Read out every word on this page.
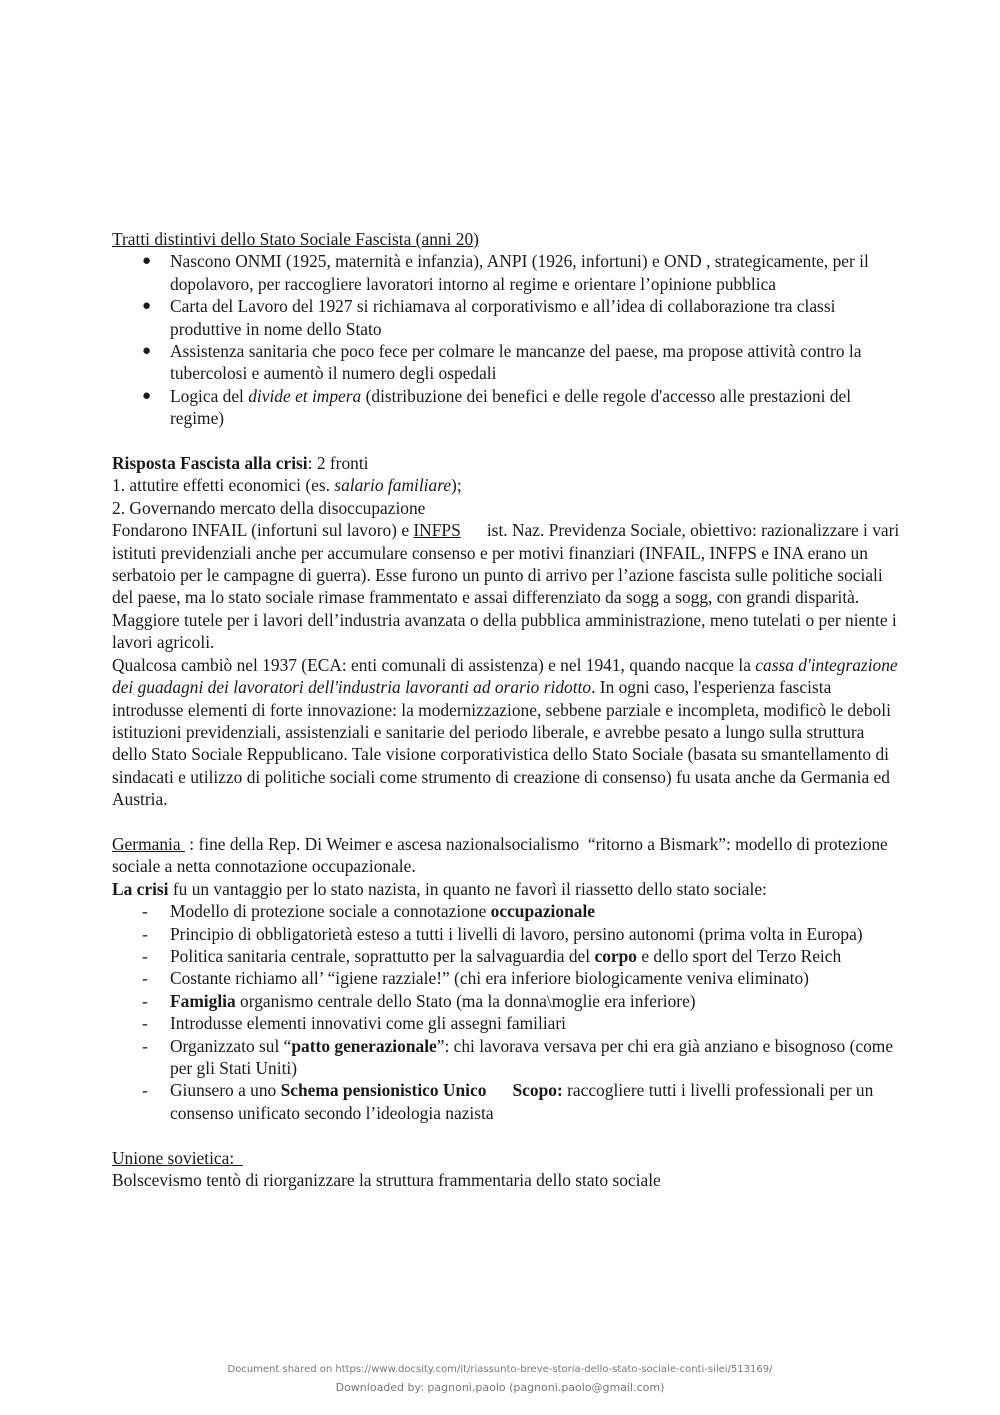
Tratti distintivi dello Stato Sociale Fascista (anni 20)

● Nascono ONMI (1925, maternità e infanzia), ANPI (1926, infortuni) e OND , strategicamente, per il dopolavoro, per raccogliere lavoratori intorno al regime e orientare l’opinione pubblica
● Carta del Lavoro del 1927 si richiamava al corporativismo e all’idea di collaborazione tra classi produttive in nome dello Stato
● Assistenza sanitaria che poco fece per colmare le mancanze del paese, ma propose attività contro la tubercolosi e aumentò il numero degli ospedali
● Logica del divide et impera (distribuzione dei benefici e delle regole d'accesso alle prestazioni del regime)

Risposta Fascista alla crisi: 2 fronti

1. attutire effetti economici (es. salario familiare);

2. Governando mercato della disoccupazione

Fondarono INFAIL (infortuni sul lavoro) e INFPS      ist. Naz. Previdenza Sociale, obiettivo: razionalizzare i vari istituti previdenziali anche per accumulare consenso e per motivi finanziari (INFAIL, INFPS e INA erano un serbatoio per le campagne di guerra). Esse furono un punto di arrivo per l’azione fascista sulle politiche sociali del paese, ma lo stato sociale rimase frammentato e assai differenziato da sogg a sogg, con grandi disparità. Maggiore tutele per i lavori dell’industria avanzata o della pubblica amministrazione, meno tutelati o per niente i lavori agricoli.

Qualcosa cambiò nel 1937 (ECA: enti comunali di assistenza) e nel 1941, quando nacque la cassa d'integrazione dei guadagni dei lavoratori dell'industria lavoranti ad orario ridotto. In ogni caso, l'esperienza fascista introdusse elementi di forte innovazione: la modernizzazione, sebbene parziale e incompleta, modificò le deboli istituzioni previdenziali, assistenziali e sanitarie del periodo liberale, e avrebbe pesato a lungo sulla struttura dello Stato Sociale Reppublicano. Tale visione corporativistica dello Stato Sociale (basata su smantellamento di sindacati e utilizzo di politiche sociali come strumento di creazione di consenso) fu usata anche da Germania ed Austria.

Germania  : fine della Rep. Di Weimer e ascesa nazionalsocialismo  “ritorno a Bismark”: modello di protezione sociale a netta connotazione occupazionale.

La crisi fu un vantaggio per lo stato nazista, in quanto ne favorì il riassetto dello stato sociale:

- Modello di protezione sociale a connotazione occupazionale
- Principio di obbligatorietà esteso a tutti i livelli di lavoro, persino autonomi (prima volta in Europa)
- Politica sanitaria centrale, soprattutto per la salvaguardia del corpo e dello sport del Terzo Reich
- Costante richiamo all’ “igiene razziale!” (chi era inferiore biologicamente veniva eliminato)
- Famiglia organismo centrale dello Stato (ma la donna\moglie era inferiore)
- Introdusse elementi innovativi come gli assegni familiari
- Organizzato sul “patto generazionale”: chi lavorava versava per chi era già anziano e bisognoso (come per gli Stati Uniti)
- Giunsero a uno Schema pensionistico Unico Scopo: raccogliere tutti i livelli professionali per un consenso unificato secondo l’ideologia nazista

Unione sovietica:

Bolscevismo tentò di riorganizzare la struttura frammentaria dello stato sociale

Document shared on https://www.docsity.com/it/riassunto-breve-storia-dello-stato-sociale-conti-silei/513169/
Downloaded by: pagnoni.paolo (pagnoni.paolo@gmail.com)
